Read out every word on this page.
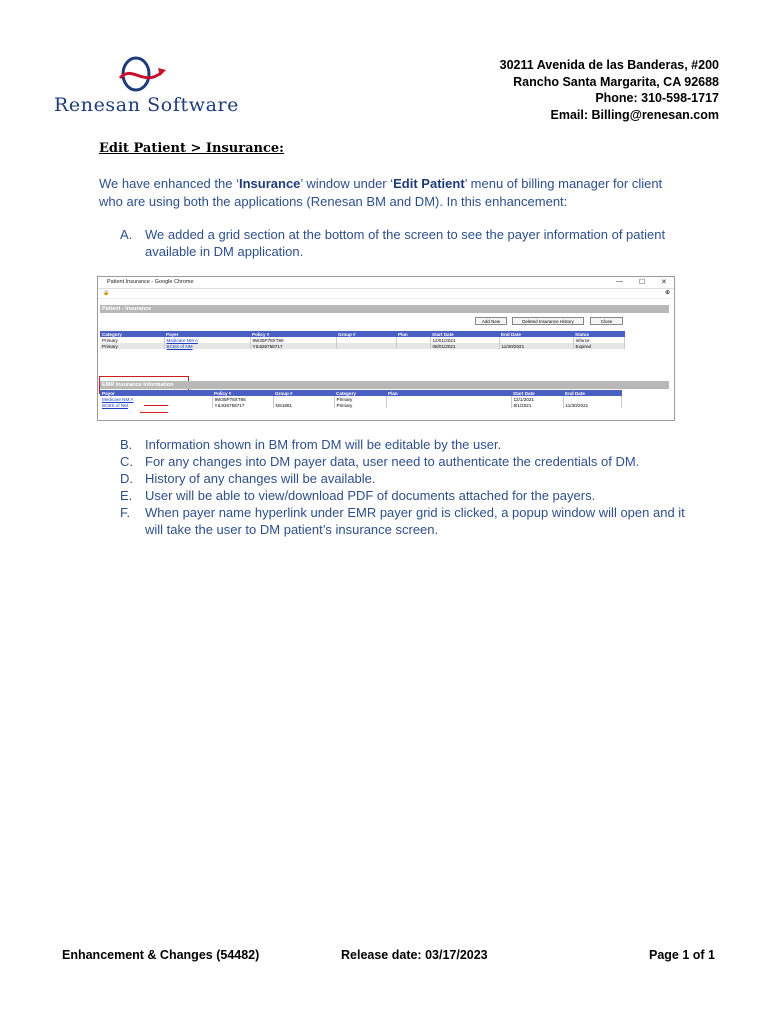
Renesan Software
30211 Avenida de las Banderas, #200
Rancho Santa Margarita, CA 92688
Phone: 310-598-1717
Email: Billing@renesan.com
Edit Patient > Insurance:
We have enhanced the ‘Insurance’ window under ‘Edit Patient’ menu of billing manager for client who are using both the applications (Renesan BM and DM). In this enhancement:
A. We added a grid section at the bottom of the screen to see the payer information of patient available in DM application.
Patient Insurance - Google Chrome	— ☐ ✕
🔒	⊕
Patient - Insurance
Add New	Deleted Insurance History	Close
Category	Payer	Policy #	Group #	Plan	Start Date	End Date	Status
Primary	Medicare NM A	9W35P78XT86			12/01/2021		Inforce
Primary	BCBS of NM	YIL926758717			08/01/2021	11/30/2021	Expired
EMR Insurance Information
Payor	Policy #	Group #	Category	Plan	Start Date	End Date
Medicare NM A	9W35P78XT86		Primary		12/1/2021	
BCBS of NM	YIL926758717	NS1881	Primary		8/1/2021	11/30/2021
B. Information shown in BM from DM will be editable by the user.
C. For any changes into DM payer data, user need to authenticate the credentials of DM.
D. History of any changes will be available.
E. User will be able to view/download PDF of documents attached for the payers.
F. When payer name hyperlink under EMR payer grid is clicked, a popup window will open and it will take the user to DM patient’s insurance screen.
Enhancement & Changes (54482)	Release date: 03/17/2023	Page 1 of 1
